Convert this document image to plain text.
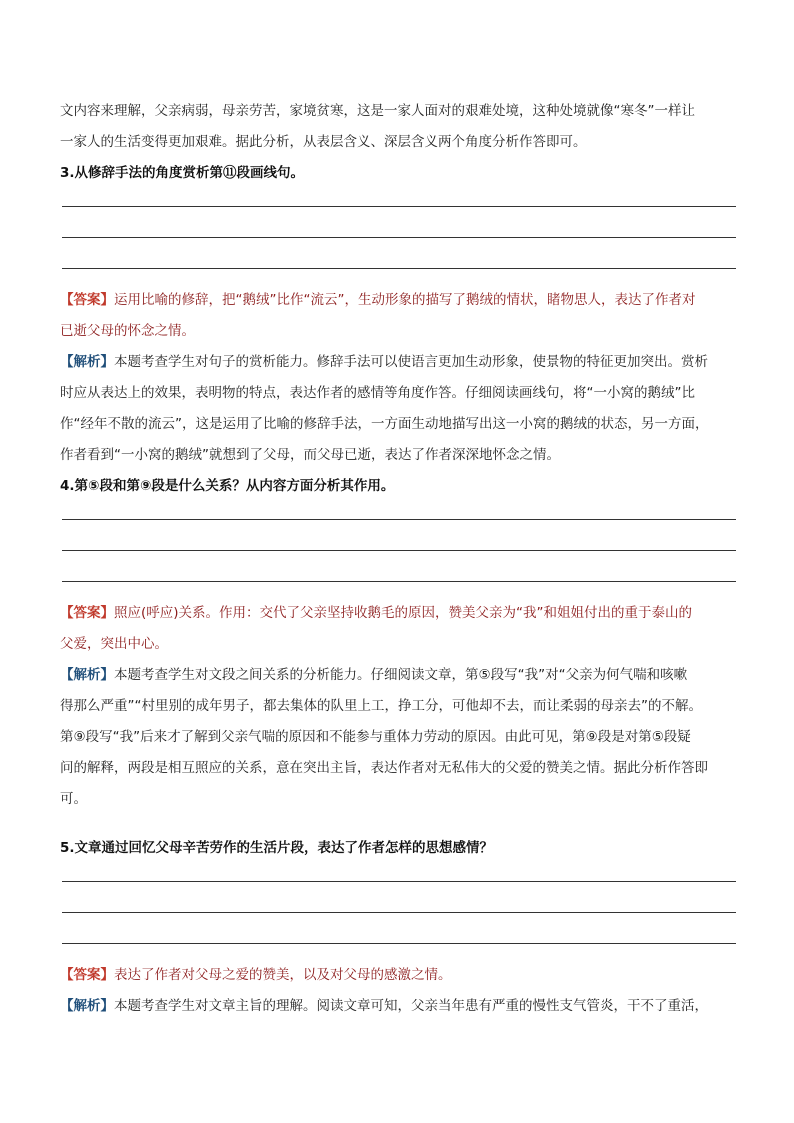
文内容来理解，父亲病弱，母亲劳苦，家境贫寒，这是一家人面对的艰难处境，这种处境就像“寒冬”一样让

一家人的生活变得更加艰难。据此分析，从表层含义、深层含义两个角度分析作答即可。

3.从修辞手法的角度赏析第⑪段画线句。

【答案】运用比喻的修辞，把“鹅绒”比作“流云”，生动形象的描写了鹅绒的情状，睹物思人，表达了作者对

已逝父母的怀念之情。

【解析】本题考查学生对句子的赏析能力。修辞手法可以使语言更加生动形象，使景物的特征更加突出。赏析

时应从表达上的效果，表明物的特点，表达作者的感情等角度作答。仔细阅读画线句，将“一小窝的鹅绒”比

作“经年不散的流云”，这是运用了比喻的修辞手法，一方面生动地描写出这一小窝的鹅绒的状态，另一方面，

作者看到“一小窝的鹅绒”就想到了父母，而父母已逝，表达了作者深深地怀念之情。

4.第⑤段和第⑨段是什么关系？从内容方面分析其作用。

【答案】照应(呼应)关系。作用：交代了父亲坚持收鹅毛的原因，赞美父亲为“我”和姐姐付出的重于泰山的

父爱，突出中心。

【解析】本题考查学生对文段之间关系的分析能力。仔细阅读文章，第⑤段写“我”对“父亲为何气喘和咳嗽

得那么严重”“村里别的成年男子，都去集体的队里上工，挣工分，可他却不去，而让柔弱的母亲去”的不解。

第⑨段写“我”后来才了解到父亲气喘的原因和不能参与重体力劳动的原因。由此可见，第⑨段是对第⑤段疑

问的解释，两段是相互照应的关系，意在突出主旨，表达作者对无私伟大的父爱的赞美之情。据此分析作答即

可。

5.文章通过回忆父母辛苦劳作的生活片段，表达了作者怎样的思想感情？

【答案】表达了作者对父母之爱的赞美，以及对父母的感激之情。

【解析】本题考查学生对文章主旨的理解。阅读文章可知，父亲当年患有严重的慢性支气管炎，干不了重活，
